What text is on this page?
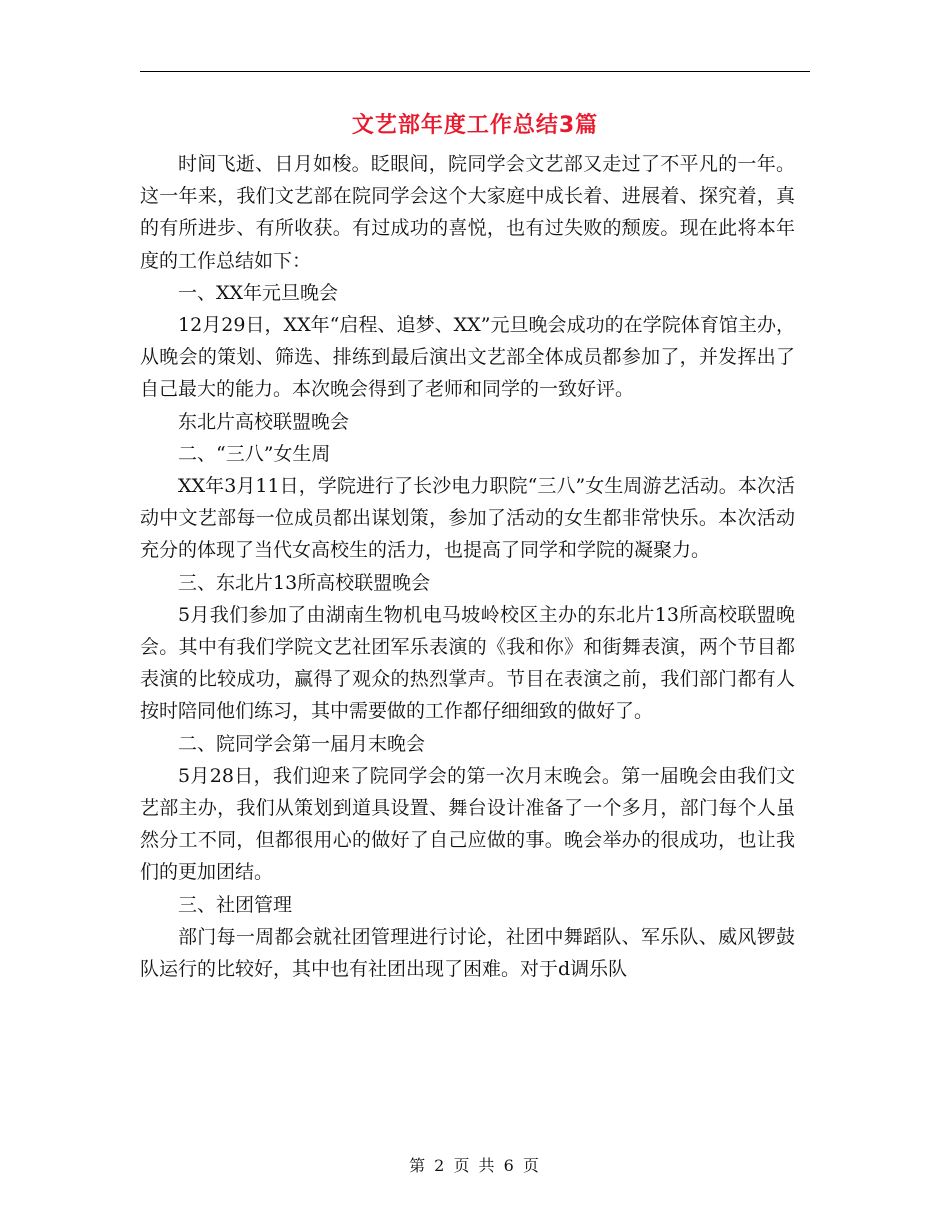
文艺部年度工作总结3篇

时间飞逝、日月如梭。眨眼间，院同学会文艺部又走过了不平凡的一年。这一年来，我们文艺部在院同学会这个大家庭中成长着、进展着、探究着，真的有所进步、有所收获。有过成功的喜悦，也有过失败的颓废。现在此将本年度的工作总结如下：

一、XX年元旦晚会

12月29日，XX年“启程、追梦、XX”元旦晚会成功的在学院体育馆主办，从晚会的策划、筛选、排练到最后演出文艺部全体成员都参加了，并发挥出了自己最大的能力。本次晚会得到了老师和同学的一致好评。

东北片高校联盟晚会

二、“三八”女生周

XX年3月11日，学院进行了长沙电力职院“三八”女生周游艺活动。本次活动中文艺部每一位成员都出谋划策，参加了活动的女生都非常快乐。本次活动充分的体现了当代女高校生的活力，也提高了同学和学院的凝聚力。

三、东北片13所高校联盟晚会

5月我们参加了由湖南生物机电马坡岭校区主办的东北片13所高校联盟晚会。其中有我们学院文艺社团军乐表演的《我和你》和街舞表演，两个节目都表演的比较成功，赢得了观众的热烈掌声。节目在表演之前，我们部门都有人按时陪同他们练习，其中需要做的工作都仔细细致的做好了。

二、院同学会第一届月末晚会

5月28日，我们迎来了院同学会的第一次月末晚会。第一届晚会由我们文艺部主办，我们从策划到道具设置、舞台设计准备了一个多月，部门每个人虽然分工不同，但都很用心的做好了自己应做的事。晚会举办的很成功，也让我们的更加团结。

三、社团管理

部门每一周都会就社团管理进行讨论，社团中舞蹈队、军乐队、威风锣鼓队运行的比较好，其中也有社团出现了困难。对于d调乐队

第 2 页 共 6 页
